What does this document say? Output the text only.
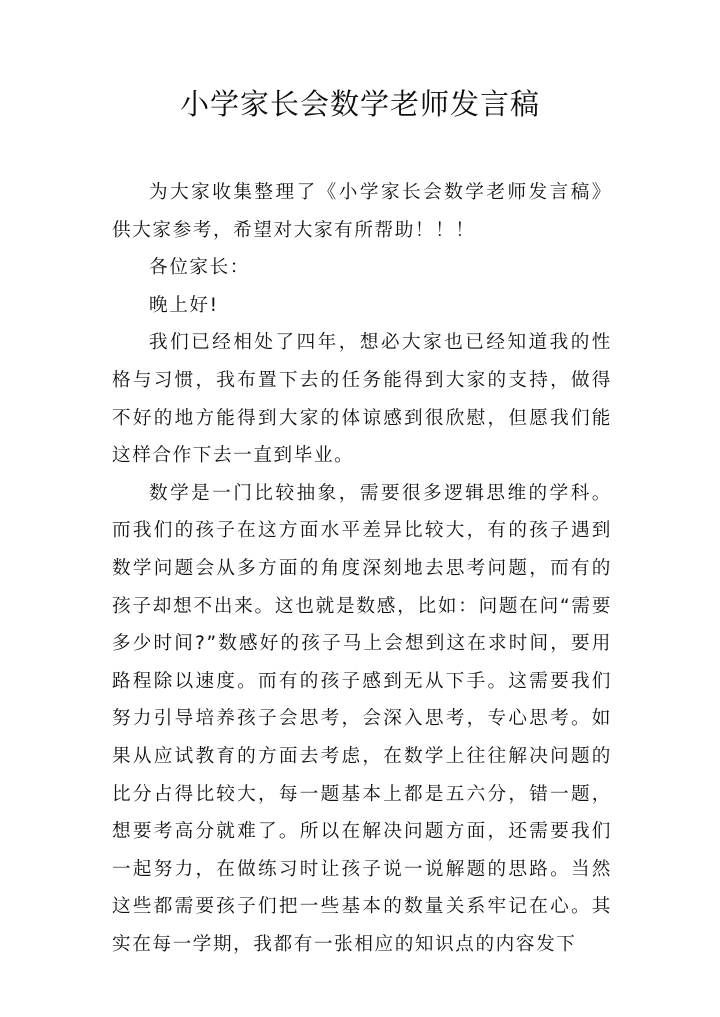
小学家长会数学老师发言稿

为大家收集整理了《小学家长会数学老师发言稿》供大家参考，希望对大家有所帮助！！！

各位家长：

晚上好!

我们已经相处了四年，想必大家也已经知道我的性格与习惯，我布置下去的任务能得到大家的支持，做得不好的地方能得到大家的体谅感到很欣慰，但愿我们能这样合作下去一直到毕业。

数学是一门比较抽象，需要很多逻辑思维的学科。而我们的孩子在这方面水平差异比较大，有的孩子遇到数学问题会从多方面的角度深刻地去思考问题，而有的孩子却想不出来。这也就是数感，比如：问题在问“需要多少时间?”数感好的孩子马上会想到这在求时间，要用路程除以速度。而有的孩子感到无从下手。这需要我们努力引导培养孩子会思考，会深入思考，专心思考。如果从应试教育的方面去考虑，在数学上往往解决问题的比分占得比较大，每一题基本上都是五六分，错一题，想要考高分就难了。所以在解决问题方面，还需要我们一起努力，在做练习时让孩子说一说解题的思路。当然这些都需要孩子们把一些基本的数量关系牢记在心。其实在每一学期，我都有一张相应的知识点的内容发下
